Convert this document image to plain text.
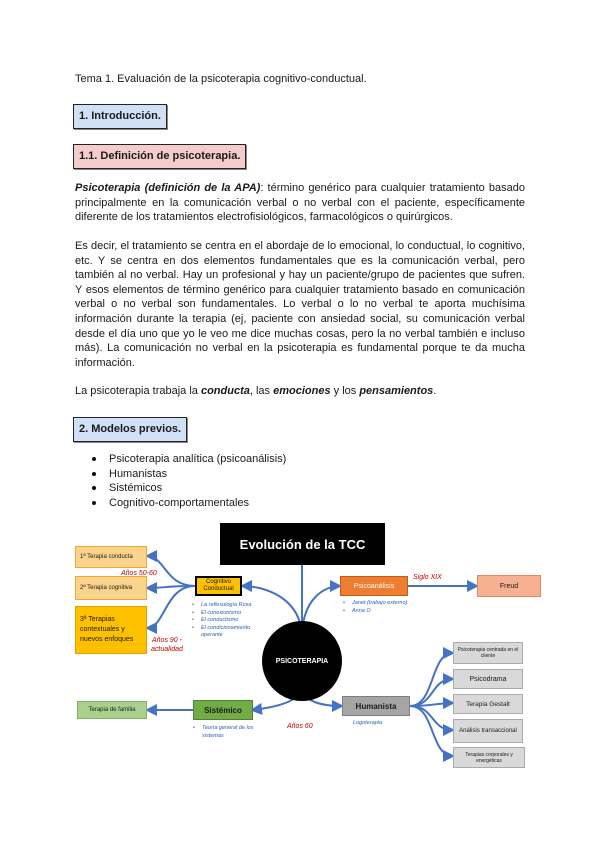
Tema 1. Evaluación de la psicoterapia cognitivo-conductual.

1. Introducción.
1.1. Definición de psicoterapia.

Psicoterapia (definición de la APA): término genérico para cualquier tratamiento basado principalmente en la comunicación verbal o no verbal con el paciente, específicamente diferente de los tratamientos electrofisiológicos, farmacológicos o quirúrgicos.

Es decir, el tratamiento se centra en el abordaje de lo emocional, lo conductual, lo cognitivo, etc. Y se centra en dos elementos fundamentales que es la comunicación verbal, pero también al no verbal. Hay un profesional y hay un paciente/grupo de pacientes que sufren. Y esos elementos de término genérico para cualquier tratamiento basado en comunicación verbal o no verbal son fundamentales. Lo verbal o lo no verbal te aporta muchísima información durante la terapia (ej, paciente con ansiedad social, su comunicación verbal desde el día uno que yo le veo me dice muchas cosas, pero la no verbal también e incluso más). La comunicación no verbal en la psicoterapia es fundamental porque te da mucha información.

La psicoterapia trabaja la conducta, las emociones y los pensamientos.

2. Modelos previos.
Psicoterapia analítica (psicoanálisis)
Humanistas
Sistémicos
Cognitivo-comportamentales
Evolución de la TCC
PSICOTERAPIA
Cognitivo Conductual
• La reflexología Rusa
• El conexionismo
• El conductismo
• El condicionamiento operante
1ª Terapia conducta
2ª Terapia cognitiva
3ª Terapias contextuales y nuevos enfoques
Años 50-60
Años 90 - actualidad
Psicoanálisis
• Janet (trabajo externo)
• Anna O
Siglo XIX
Freud
Sistémico
• Teoría general de los sistemas
Terapia de familia	Humanista
Logoterapia
Años 60
Psicoterapia centrada en el cliente
Psicodrama
Terapia Gestalt
Análisis transaccional
Terapias corporales y energéticas
